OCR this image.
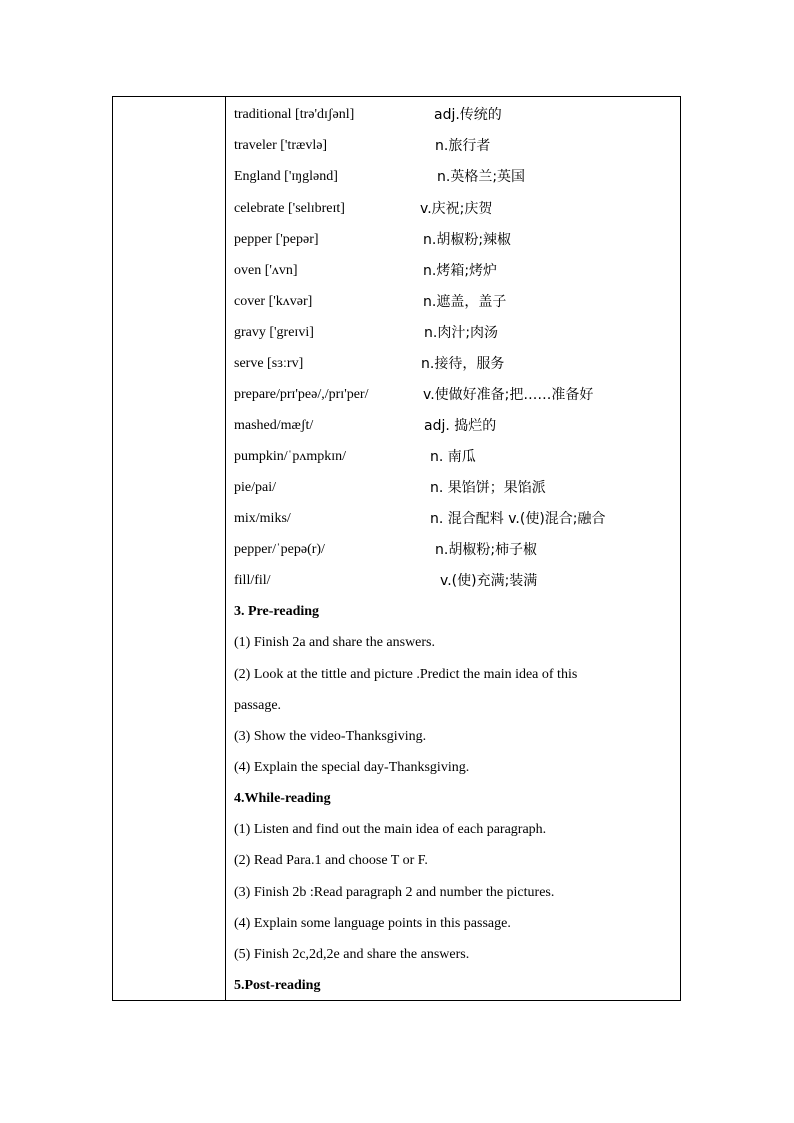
traditional [trə'dɪʃənl]	adj.传统的
traveler ['trævlə]	n.旅行者
England ['ɪŋglənd]	n.英格兰;英国
celebrate ['selɪbreɪt]	v.庆祝;庆贺
pepper ['pepər]	n.胡椒粉;辣椒
oven ['ʌvn]	n.烤箱;烤炉
cover ['kʌvər]	n.遮盖，盖子
gravy ['greɪvi]	n.肉汁;肉汤
serve [sɜːrv]	n.接待，服务
prepare/prɪ'peə/,/prɪ'per/	v.使做好准备;把……准备好
mashed/mæʃt/	adj. 捣烂的
pumpkin/ˈpʌmpkɪn/	n. 南瓜
pie/pai/	n. 果馅饼；果馅派
mix/miks/	n. 混合配料 v.(使)混合;融合
pepper/ˈpepə(r)/	n.胡椒粉;柿子椒
fill/fil/	v.(使)充满;装满
3. Pre-reading
(1) Finish 2a and share the answers.
(2) Look at the tittle and picture .Predict the main idea of this
passage.
(3) Show the video-Thanksgiving.
(4) Explain the special day-Thanksgiving.
4.While-reading
(1) Listen and find out the main idea of each paragraph.
(2) Read Para.1 and choose T or F.
(3) Finish 2b :Read paragraph 2 and number the pictures.
(4) Explain some language points in this passage.
(5) Finish 2c,2d,2e and share the answers.
5.Post-reading
